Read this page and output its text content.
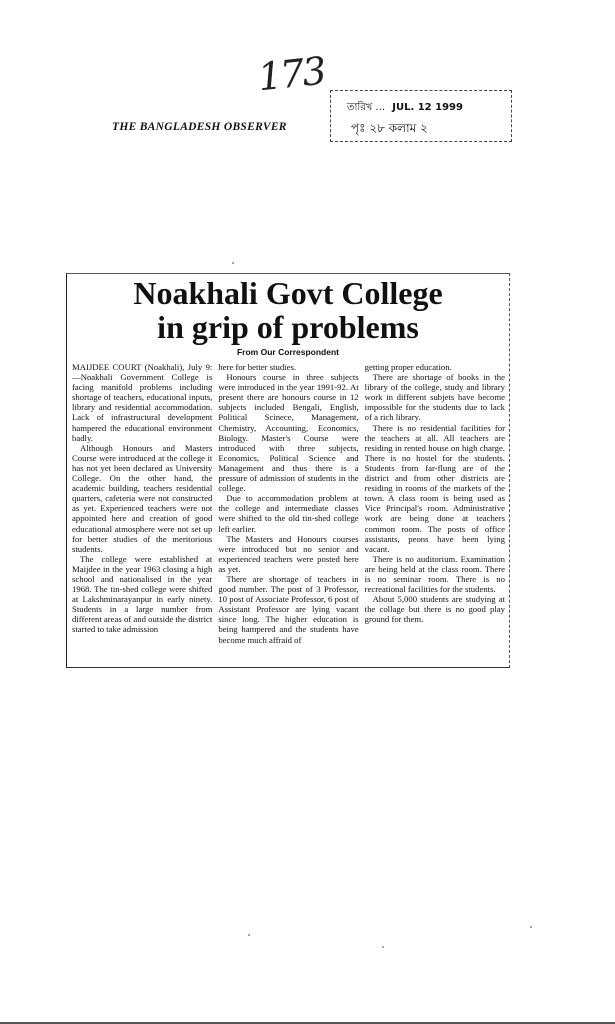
173
THE BANGLADESH OBSERVER
তারিখ ... JUL. 12 1999
পৃঃ ২৮ কলাম ২
Noakhali Govt College
in grip of problems
From Our Correspondent

MAIJDEE COURT (Noakhali), July 9:—Noakhali Government College is facing manifold problems including shortage of teachers, educational inputs, library and residential accommodation. Lack of infrastructural development hampered the educational environment badly.

Although Honours and Masters Course were introduced at the college it has not yet been declared as University College. On the other hand, the academic building, teachers residential quarters, cafeteria were not constructed as yet. Experienced teachers were not appointed here and creation of good educational atmosphere were not set up for better studies of the meritorious students.

The college were established at Maijdee in the year 1963 closing a high school and nationalised in the year 1968. The tin-shed college were shifted at Lakshminarayanpur in early ninety. Students in a large number from different areas of and outside the district started to take admission

here for better studies.

Honours course in three subjects were introduced in the year 1991-92. At present there are honours course in 12 subjects included Bengali, English, Political Scinece, Management, Chemistry, Accounting, Economics, Biology. Master's Course were introduced with three subjects, Economics, Political Science and Management and thus there is a pressure of admission of students in the college.

Due to accommodation problem at the college and intermediate classes were shifted to the old tin-shed college left earlier.

The Masters and Honours courses were introduced but no senior and experienced teachers were posted here as yet.

There are shortage of teachers in good number. The post of 3 Professor, 10 post of Associate Professor, 6 post of Assistant Professor are lying vacant since long. The higher education is being hampered and the students have become much affraid of

getting proper education.

There are shortage of books in the library of the college, study and library work in different subjets have become impossible for the students due to lack of a rich library.

There is no residential facilities for the teachers at all. All teachers are residing in rented house on high charge. There is no hostel for the students. Students from far-flung are of the district and from other districts are residing in rooms of the markets of the town. A class room is being used as Vice Principal's room. Administrative work are being done at teachers common room. The posts of office assistants, peons have been lying vacant.

There is no auditorium. Examination are being held at the class room. There is no seminar room. There is no recreational facilities for the students.

About 5,000 students are studying at the collage but there is no good play ground for them.
